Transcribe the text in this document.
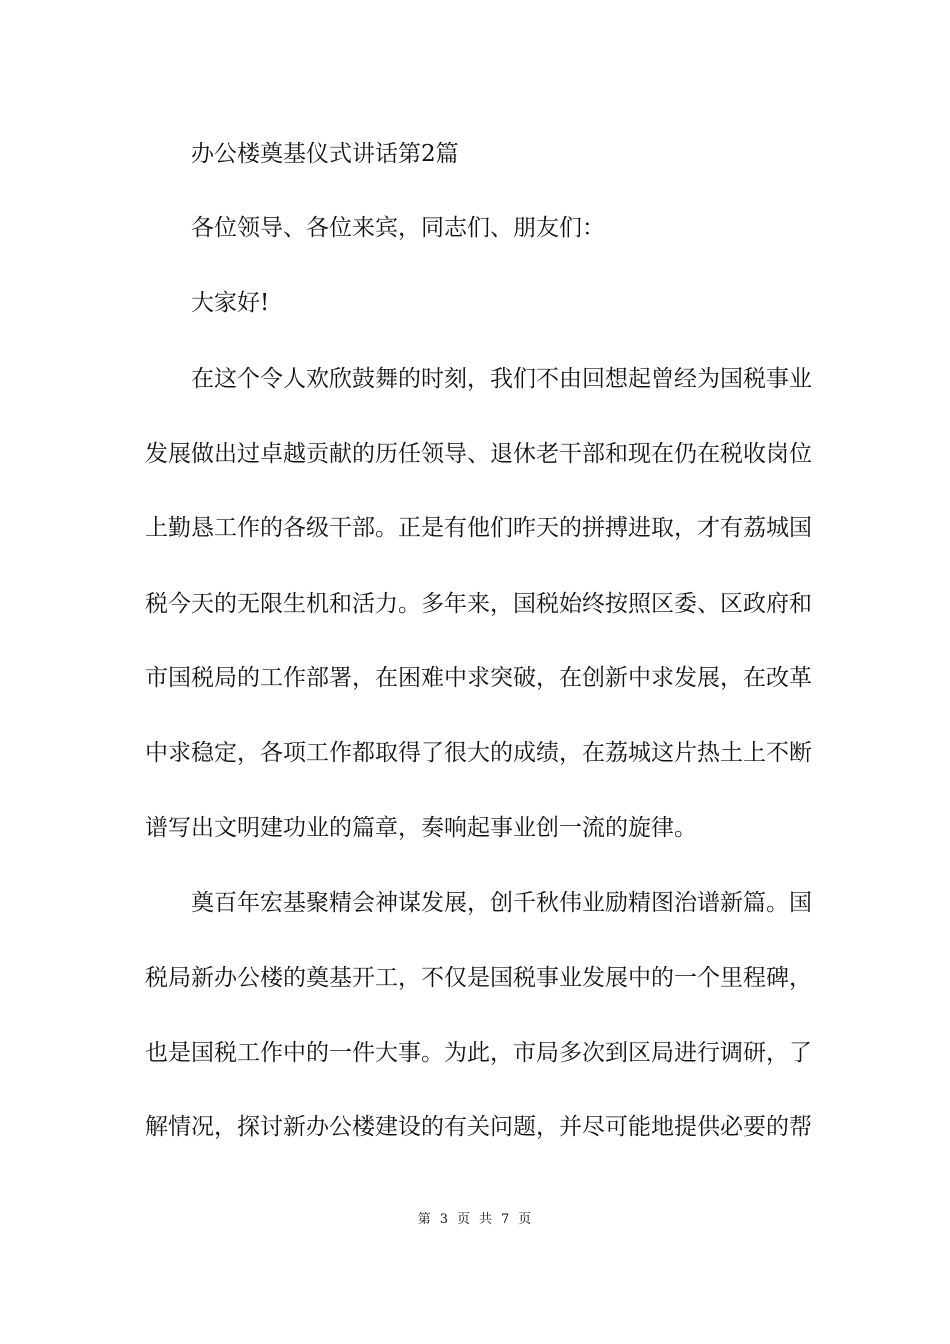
办公楼奠基仪式讲话第2篇
各位领导、各位来宾，同志们、朋友们：
大家好!
在这个令人欢欣鼓舞的时刻，我们不由回想起曾经为国税事业
发展做出过卓越贡献的历任领导、退休老干部和现在仍在税收岗位
上勤恳工作的各级干部。正是有他们昨天的拼搏进取，才有荔城国
税今天的无限生机和活力。多年来，国税始终按照区委、区政府和
市国税局的工作部署，在困难中求突破，在创新中求发展，在改革
中求稳定，各项工作都取得了很大的成绩，在荔城这片热土上不断
谱写出文明建功业的篇章，奏响起事业创一流的旋律。
奠百年宏基聚精会神谋发展，创千秋伟业励精图治谱新篇。国
税局新办公楼的奠基开工，不仅是国税事业发展中的一个里程碑，
也是国税工作中的一件大事。为此，市局多次到区局进行调研，了
解情况，探讨新办公楼建设的有关问题，并尽可能地提供必要的帮
第 3 页 共 7 页
